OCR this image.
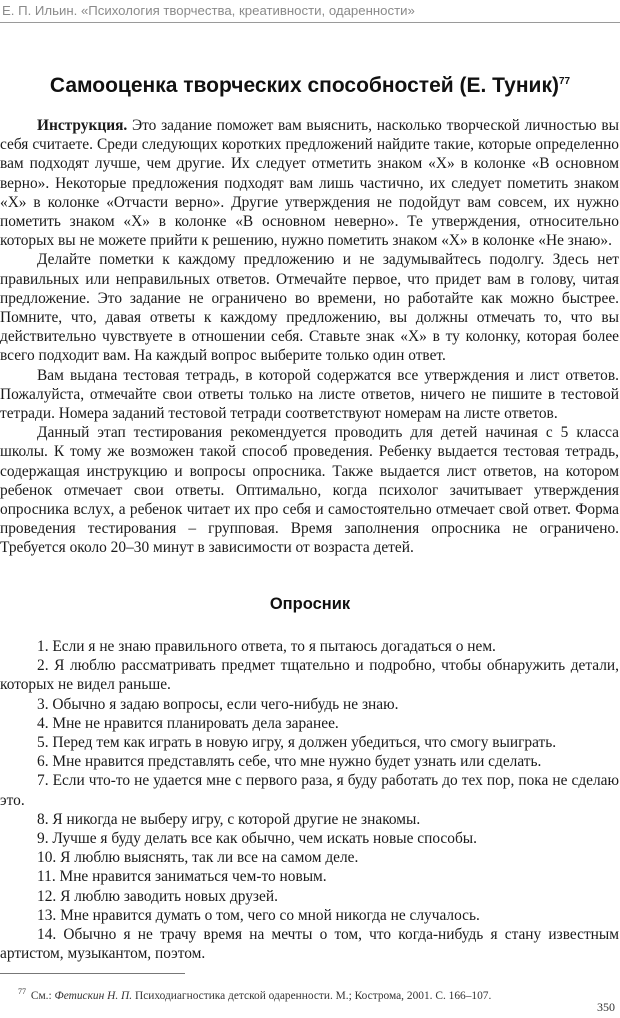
Е. П. Ильин. «Психология творчества, креативности, одаренности»
Самооценка творческих способностей (Е. Туник)$^{77}$

Инструкция. Это задание поможет вам выяснить, насколько творческой личностью вы себя считаете. Среди следующих коротких предложений найдите такие, которые определенно вам подходят лучше, чем другие. Их следует отметить знаком «Х» в колонке «В основном верно». Некоторые предложения подходят вам лишь частично, их следует пометить знаком «Х» в колонке «Отчасти верно». Другие утверждения не подойдут вам совсем, их нужно пометить знаком «Х» в колонке «В основном неверно». Те утверждения, относительно которых вы не можете прийти к решению, нужно пометить знаком «Х» в колонке «Не знаю».

Делайте пометки к каждому предложению и не задумывайтесь подолгу. Здесь нет правильных или неправильных ответов. Отмечайте первое, что придет вам в голову, читая предложение. Это задание не ограничено во времени, но работайте как можно быстрее. Помните, что, давая ответы к каждому предложению, вы должны отмечать то, что вы действительно чувствуете в отношении себя. Ставьте знак «Х» в ту колонку, которая более всего подходит вам. На каждый вопрос выберите только один ответ.

Вам выдана тестовая тетрадь, в которой содержатся все утверждения и лист ответов. Пожалуйста, отмечайте свои ответы только на листе ответов, ничего не пишите в тестовой тетради. Номера заданий тестовой тетради соответствуют номерам на листе ответов.

Данный этап тестирования рекомендуется проводить для детей начиная с 5 класса школы. К тому же возможен такой способ проведения. Ребенку выдается тестовая тетрадь, содержащая инструкцию и вопросы опросника. Также выдается лист ответов, на котором ребенок отмечает свои ответы. Оптимально, когда психолог зачитывает утверждения опросника вслух, а ребенок читает их про себя и самостоятельно отмечает свой ответ. Форма проведения тестирования – групповая. Время заполнения опросника не ограничено. Требуется около 20–30 минут в зависимости от возраста детей.

Опросник

1. Если я не знаю правильного ответа, то я пытаюсь догадаться о нем.

2. Я люблю рассматривать предмет тщательно и подробно, чтобы обнаружить детали, которых не видел раньше.

3. Обычно я задаю вопросы, если чего-нибудь не знаю.

4. Мне не нравится планировать дела заранее.

5. Перед тем как играть в новую игру, я должен убедиться, что смогу выиграть.

6. Мне нравится представлять себе, что мне нужно будет узнать или сделать.

7. Если что-то не удается мне с первого раза, я буду работать до тех пор, пока не сделаю это.

8. Я никогда не выберу игру, с которой другие не знакомы.

9. Лучше я буду делать все как обычно, чем искать новые способы.

10. Я люблю выяснять, так ли все на самом деле.

11. Мне нравится заниматься чем-то новым.

12. Я люблю заводить новых друзей.

13. Мне нравится думать о том, чего со мной никогда не случалось.

14. Обычно я не трачу время на мечты о том, что когда-нибудь я стану известным артистом, музыкантом, поэтом.

$^{77}$ См.: Фетискин Н. П. Психодиагностика детской одаренности. М.; Кострома, 2001. С. 166–107.
350
